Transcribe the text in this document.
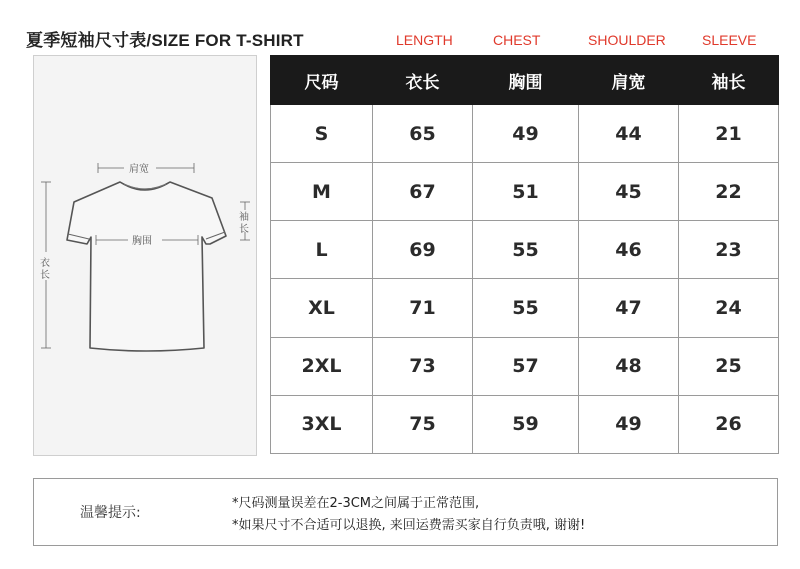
夏季短袖尺寸表/SIZE FOR T-SHIRT	LENGTH	CHEST	SHOULDER	SLEEVE
肩宽
袖
长
胸围
衣
长
尺码	衣长	胸围	肩宽	袖长
S	65	49	44	21
M	67	51	45	22
L	69	55	46	23
XL	71	55	47	24
2XL	73	57	48	25
3XL	75	59	49	26
温馨提示:
*尺码测量误差在2-3CM之间属于正常范围,
*如果尺寸不合适可以退换, 来回运费需买家自行负责哦, 谢谢!
